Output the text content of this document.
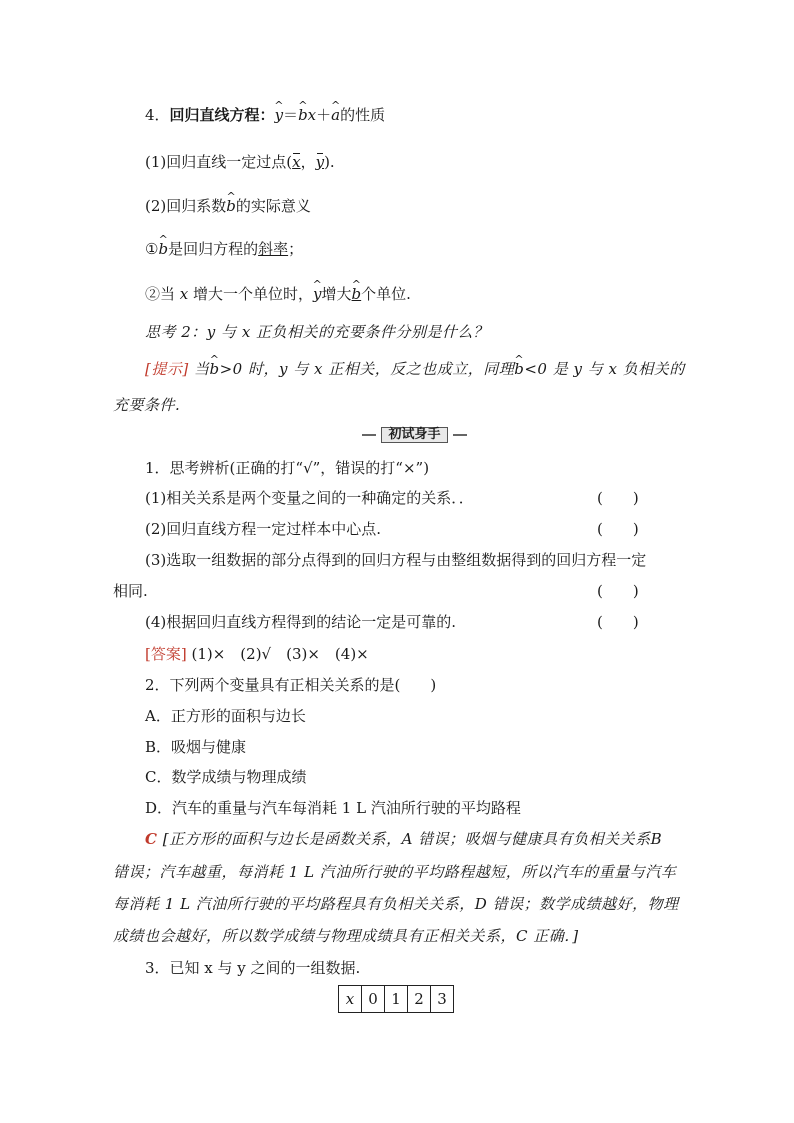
4．回归直线方程：^ y＝^ bx＋^ a的性质
(1)回归直线一定过点(x，y).
(2)回归系数^ b的实际意义
①^ b是回归方程的斜率；
②当 x 增大一个单位时，^ y增大^ b个单位.
思考 2：y 与 x 正负相关的充要条件分别是什么？
[提示] 当^ b>0 时，y 与 x 正相关，反之也成立，同理^ b<0 是 y 与 x 负相关的
充要条件.
初试身手
1．思考辨析(正确的打“√”，错误的打“×”)
(1)相关关系是两个变量之间的一种确定的关系．．	(　　)
(2)回归直线方程一定过样本中心点.	(　　)
(3)选取一组数据的部分点得到的回归方程与由整组数据得到的回归方程一定
相同.	(　　)
(4)根据回归直线方程得到的结论一定是可靠的.	(　　)
[答案] (1)×　(2)√　(3)×　(4)×
2．下列两个变量具有正相关关系的是(　　)
A．正方形的面积与边长
B．吸烟与健康
C．数学成绩与物理成绩
D．汽车的重量与汽车每消耗 1 L 汽油所行驶的平均路程
C [正方形的面积与边长是函数关系，A 错误；吸烟与健康具有负相关关系B
错误；汽车越重，每消耗 1 L 汽油所行驶的平均路程越短，所以汽车的重量与汽车
每消耗 1 L 汽油所行驶的平均路程具有负相关关系，D 错误；数学成绩越好，物理
成绩也会越好，所以数学成绩与物理成绩具有正相关关系，C 正确．]
3．已知 x 与 y 之间的一组数据.
x	0	1	2	3
